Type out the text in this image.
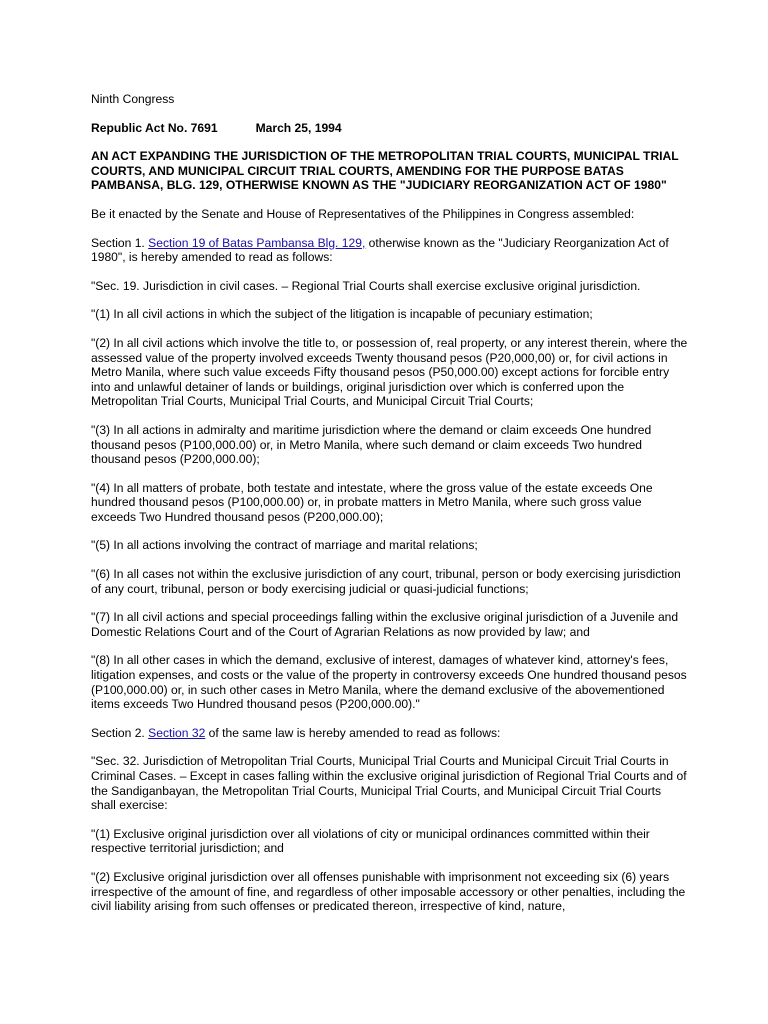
Ninth Congress

Republic Act No. 7691	March 25, 1994

AN ACT EXPANDING THE JURISDICTION OF THE METROPOLITAN TRIAL COURTS, MUNICIPAL TRIAL COURTS, AND MUNICIPAL CIRCUIT TRIAL COURTS, AMENDING FOR THE PURPOSE BATAS PAMBANSA, BLG. 129, OTHERWISE KNOWN AS THE "JUDICIARY REORGANIZATION ACT OF 1980"

Be it enacted by the Senate and House of Representatives of the Philippines in Congress assembled:

Section 1. Section 19 of Batas Pambansa Blg. 129, otherwise known as the "Judiciary Reorganization Act of 1980", is hereby amended to read as follows:

"Sec. 19. Jurisdiction in civil cases. – Regional Trial Courts shall exercise exclusive original jurisdiction.

"(1) In all civil actions in which the subject of the litigation is incapable of pecuniary estimation;

"(2) In all civil actions which involve the title to, or possession of, real property, or any interest therein, where the assessed value of the property involved exceeds Twenty thousand pesos (P20,000,00) or, for civil actions in Metro Manila, where such value exceeds Fifty thousand pesos (P50,000.00) except actions for forcible entry into and unlawful detainer of lands or buildings, original jurisdiction over which is conferred upon the Metropolitan Trial Courts, Municipal Trial Courts, and Municipal Circuit Trial Courts;

"(3) In all actions in admiralty and maritime jurisdiction where the demand or claim exceeds One hundred thousand pesos (P100,000.00) or, in Metro Manila, where such demand or claim exceeds Two hundred thousand pesos (P200,000.00);

"(4) In all matters of probate, both testate and intestate, where the gross value of the estate exceeds One hundred thousand pesos (P100,000.00) or, in probate matters in Metro Manila, where such gross value exceeds Two Hundred thousand pesos (P200,000.00);

"(5) In all actions involving the contract of marriage and marital relations;

"(6) In all cases not within the exclusive jurisdiction of any court, tribunal, person or body exercising jurisdiction of any court, tribunal, person or body exercising judicial or quasi-judicial functions;

"(7) In all civil actions and special proceedings falling within the exclusive original jurisdiction of a Juvenile and Domestic Relations Court and of the Court of Agrarian Relations as now provided by law; and

"(8) In all other cases in which the demand, exclusive of interest, damages of whatever kind, attorney's fees, litigation expenses, and costs or the value of the property in controversy exceeds One hundred thousand pesos (P100,000.00) or, in such other cases in Metro Manila, where the demand exclusive of the abovementioned items exceeds Two Hundred thousand pesos (P200,000.00)."

Section 2. Section 32 of the same law is hereby amended to read as follows:

"Sec. 32. Jurisdiction of Metropolitan Trial Courts, Municipal Trial Courts and Municipal Circuit Trial Courts in Criminal Cases. – Except in cases falling within the exclusive original jurisdiction of Regional Trial Courts and of the Sandiganbayan, the Metropolitan Trial Courts, Municipal Trial Courts, and Municipal Circuit Trial Courts shall exercise:

"(1) Exclusive original jurisdiction over all violations of city or municipal ordinances committed within their respective territorial jurisdiction; and

"(2) Exclusive original jurisdiction over all offenses punishable with imprisonment not exceeding six (6) years irrespective of the amount of fine, and regardless of other imposable accessory or other penalties, including the civil liability arising from such offenses or predicated thereon, irrespective of kind, nature,
